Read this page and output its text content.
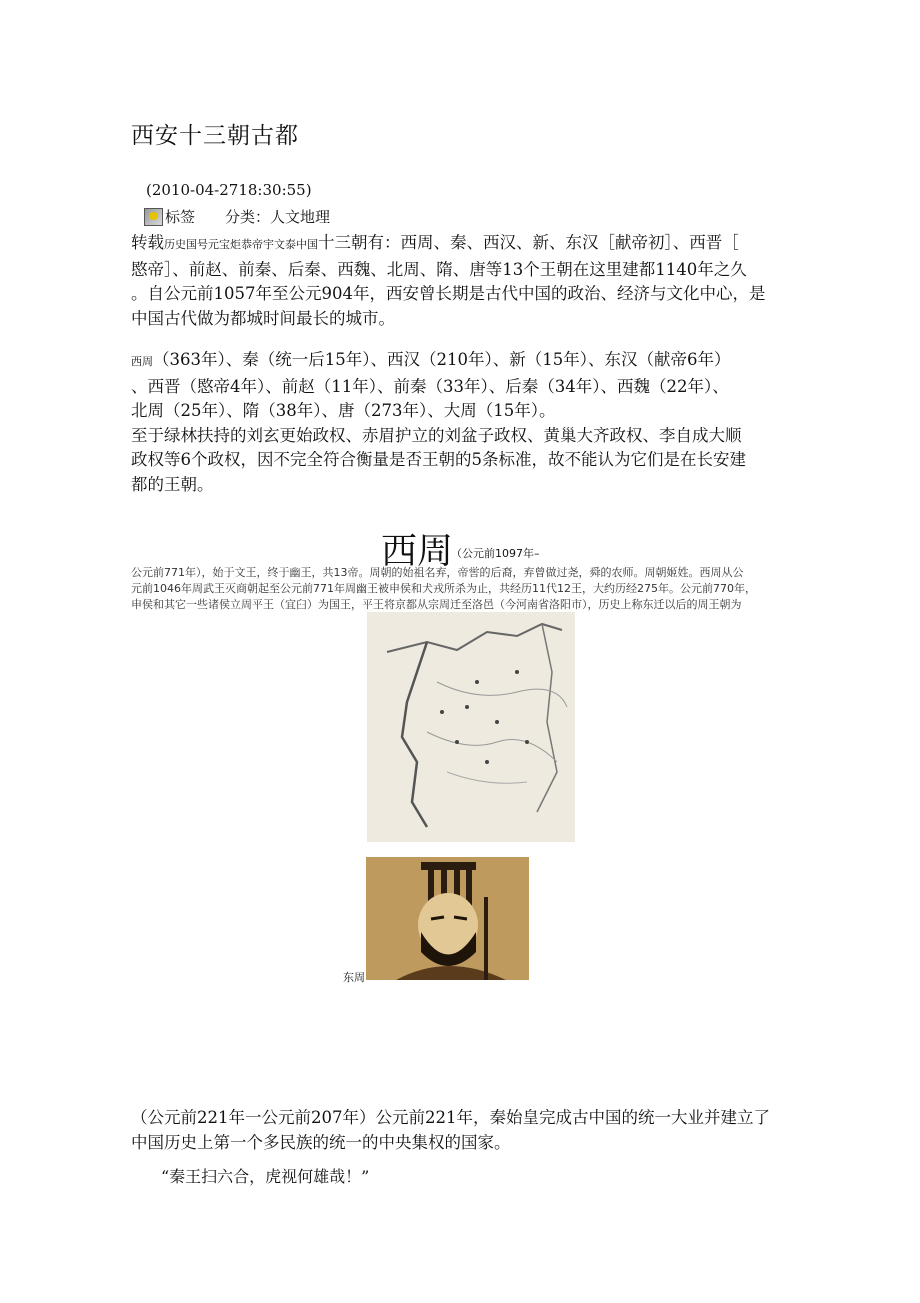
西安十三朝古都
(2010-04-2718:30:55)
标签 分类：人文地理
转载历史国号元宝炬恭帝宇文泰中国十三朝有：西周、秦、西汉、新、东汉［献帝初］、西晋［
愍帝］、前赵、前秦、后秦、西魏、北周、隋、唐等13个王朝在这里建都1140年之久
。自公元前1057年至公元904年，西安曾长期是古代中国的政治、经济与文化中心，是
中国古代做为都城时间最长的城市。
西周（363年）、秦（统一后15年）、西汉（210年）、新（15年）、东汉（献帝6年）
、西晋（愍帝4年）、前赵（11年）、前秦（33年）、后秦（34年）、西魏（22年）、
北周（25年）、隋（38年）、唐（273年）、大周（15年）。
至于绿林扶持的刘玄更始政权、赤眉护立的刘盆子政权、黄巢大齐政权、李自成大顺
政权等6个政权，因不完全符合衡量是否王朝的5条标准，故不能认为它们是在长安建
都的王朝。
西周
（公元前1097年–
公元前771年），始于文王，终于幽王，共13帝。周朝的始祖名弃，帝喾的后裔，弃曾做过尧，舜的农师。周朝姬姓。西周从公
元前1046年周武王灭商朝起至公元前771年周幽王被申侯和犬戎所杀为止，共经历11代12王，大约历经275年。公元前770年，
申侯和其它一些诸侯立周平王（宜臼）为国王，平王将京都从宗周迁至洛邑（今河南省洛阳市），历史上称东迁以后的周王朝为
东周
（公元前221年一公元前207年）公元前221年，秦始皇完成古中国的统一大业并建立了
中国历史上第一个多民族的统一的中央集权的国家。
“秦王扫六合，虎视何雄哉！”
